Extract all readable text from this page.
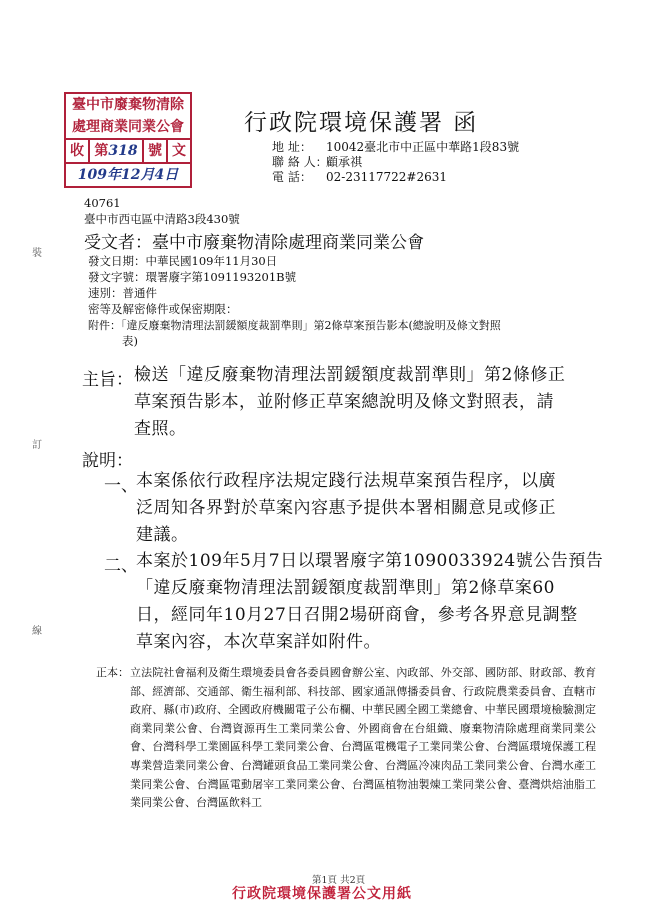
臺中市廢棄物清除
處理商業同業公會
收 第318 號 文
109年12月4日
行政院環境保護署 函
地 址： 10042臺北市中正區中華路1段83號
聯 絡 人：顧承祺
電 話： 02-23117722#2631
40761
臺中市西屯區中清路3段430號
受文者：臺中市廢棄物清除處理商業同業公會
發文日期：中華民國109年11月30日
發文字號：環署廢字第1091193201B號
速別：普通件
密等及解密條件或保密期限：
附件：「違反廢棄物清理法罰鍰額度裁罰準則」第2條草案預告影本(總說明及條文對照
表)
主旨： 檢送「違反廢棄物清理法罰鍰額度裁罰準則」第2條修正
草案預告影本，並附修正草案總說明及條文對照表，請
查照。
說明：
一、
本案係依行政程序法規定踐行法規草案預告程序，以廣
泛周知各界對於草案內容惠予提供本署相關意見或修正
建議。
二、
本案於109年5月7日以環署廢字第1090033924號公告預告
「違反廢棄物清理法罰鍰額度裁罰準則」第2條草案60
日，經同年10月27日召開2場研商會，參考各界意見調整
草案內容，本次草案詳如附件。
正本： 立法院社會福利及衛生環境委員會各委員國會辦公室、內政部、外交部、國防部、財政部、教育部、經濟部、交通部、衛生福利部、科技部、國家通訊傳播委員會、行政院農業委員會、直轄市政府、縣(市)政府、全國政府機關電子公布欄、中華民國全國工業總會、中華民國環境檢驗測定商業同業公會、台灣資源再生工業同業公會、外國商會在台組織、廢棄物清除處理商業同業公會、台灣科學工業園區科學工業同業公會、台灣區電機電子工業同業公會、台灣區環境保護工程專業營造業同業公會、台灣罐頭食品工業同業公會、台灣區冷凍肉品工業同業公會、台灣水產工業同業公會、台灣區電動屠宰工業同業公會、台灣區植物油製煉工業同業公會、臺灣烘焙油脂工業同業公會、台灣區飲料工
裝
訂
線
第1頁 共2頁
行政院環境保護署公文用紙
